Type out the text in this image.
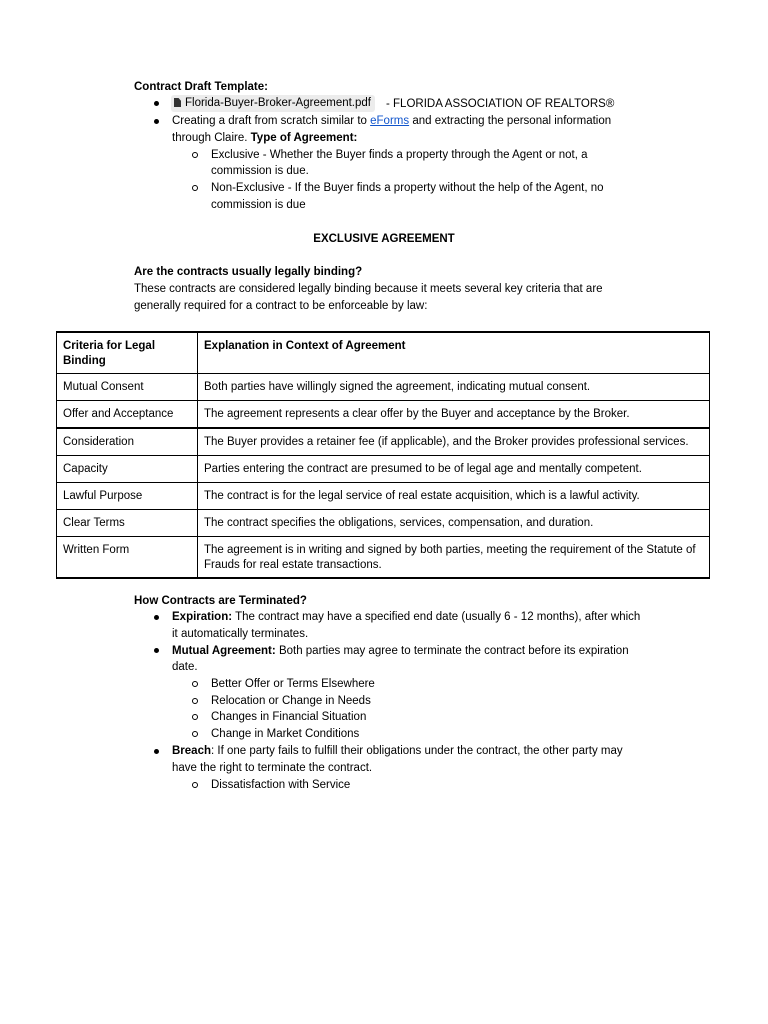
Contract Draft Template:
Florida-Buyer-Broker-Agreement.pdf	- FLORIDA ASSOCIATION OF REALTORS®
Creating a draft from scratch similar to eForms and extracting the personal information
through Claire. Type of Agreement:
Exclusive - Whether the Buyer finds a property through the Agent or not, a
commission is due.
Non-Exclusive - If the Buyer finds a property without the help of the Agent, no
commission is due
EXCLUSIVE AGREEMENT
Are the contracts usually legally binding?
These contracts are considered legally binding because it meets several key criteria that are
generally required for a contract to be enforceable by law:
Criteria for Legal Binding	Explanation in Context of Agreement
Mutual Consent	Both parties have willingly signed the agreement, indicating mutual consent.
Offer and Acceptance	The agreement represents a clear offer by the Buyer and acceptance by the Broker.
Consideration	The Buyer provides a retainer fee (if applicable), and the Broker provides professional services.
Capacity	Parties entering the contract are presumed to be of legal age and mentally competent.
Lawful Purpose	The contract is for the legal service of real estate acquisition, which is a lawful activity.
Clear Terms	The contract specifies the obligations, services, compensation, and duration.
Written Form	The agreement is in writing and signed by both parties, meeting the requirement of the Statute of Frauds for real estate transactions.
How Contracts are Terminated?
Expiration: The contract may have a specified end date (usually 6 - 12 months), after which
it automatically terminates.
Mutual Agreement: Both parties may agree to terminate the contract before its expiration
date.
Better Offer or Terms Elsewhere
Relocation or Change in Needs
Changes in Financial Situation
Change in Market Conditions
Breach: If one party fails to fulfill their obligations under the contract, the other party may
have the right to terminate the contract.
Dissatisfaction with Service
